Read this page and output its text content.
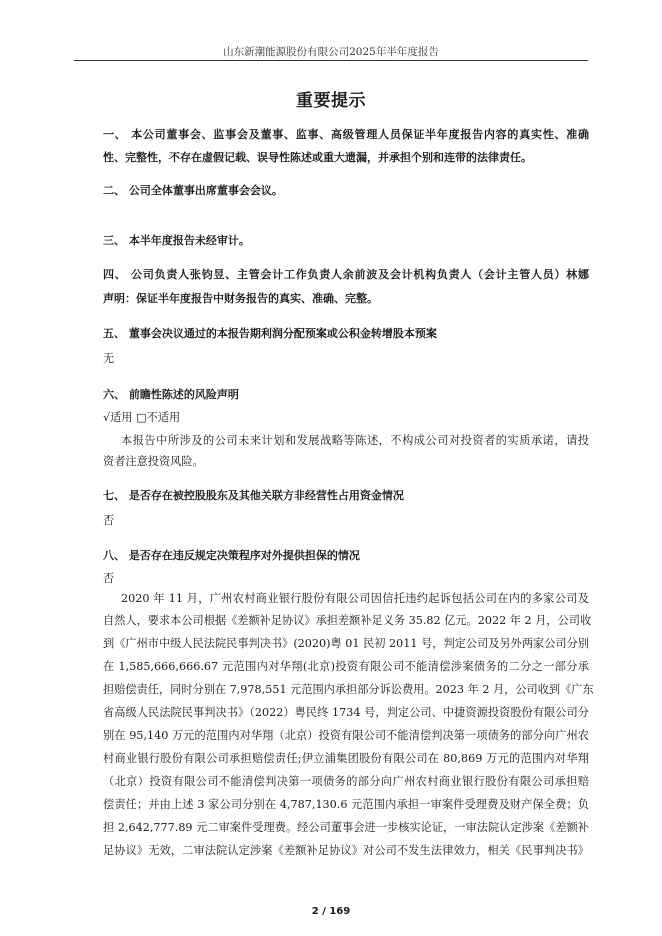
山东新潮能源股份有限公司2025年半年度报告
重要提示
一、 本公司董事会、监事会及董事、监事、高级管理人员保证半年度报告内容的真实性、准确
性、完整性，不存在虚假记载、误导性陈述或重大遗漏，并承担个别和连带的法律责任。
二、 公司全体董事出席董事会会议。
三、 本半年度报告未经审计。
四、 公司负责人张钧昱、主管会计工作负责人余前波及会计机构负责人（会计主管人员）林娜
声明：保证半年度报告中财务报告的真实、准确、完整。
五、 董事会决议通过的本报告期利润分配预案或公积金转增股本预案
无
六、 前瞻性陈述的风险声明
√适用 □不适用
本报告中所涉及的公司未来计划和发展战略等陈述，不构成公司对投资者的实质承诺，请投
资者注意投资风险。
七、 是否存在被控股股东及其他关联方非经营性占用资金情况
否
八、 是否存在违反规定决策程序对外提供担保的情况
否
2020 年 11 月，广州农村商业银行股份有限公司因信托违约起诉包括公司在内的多家公司及
自然人，要求本公司根据《差额补足协议》承担差额补足义务 35.82 亿元。2022 年 2 月，公司收
到《广州市中级人民法院民事判决书》(2020)粤 01 民初 2011 号，判定公司及另外两家公司分别
在 1,585,666,666.67 元范围内对华翔(北京)投资有限公司不能清偿涉案债务的二分之一部分承
担赔偿责任，同时分别在 7,978,551 元范围内承担部分诉讼费用。2023 年 2 月，公司收到《广东
省高级人民法院民事判决书》（2022）粤民终 1734 号，判定公司、中捷资源投资股份有限公司分
别在 95,140 万元的范围内对华翔（北京）投资有限公司不能清偿判决第一项债务的部分向广州农
村商业银行股份有限公司承担赔偿责任;伊立浦集团股份有限公司在 80,869 万元的范围内对华翔
（北京）投资有限公司不能清偿判决第一项债务的部分向广州农村商业银行股份有限公司承担赔
偿责任；并由上述 3 家公司分别在 4,787,130.6 元范围内承担一审案件受理费及财产保全费；负
担 2,642,777.89 元二审案件受理费。经公司董事会进一步核实论证，一审法院认定涉案《差额补
足协议》无效，二审法院认定涉案《差额补足协议》对公司不发生法律效力，相关《民事判决书》
2 / 169
